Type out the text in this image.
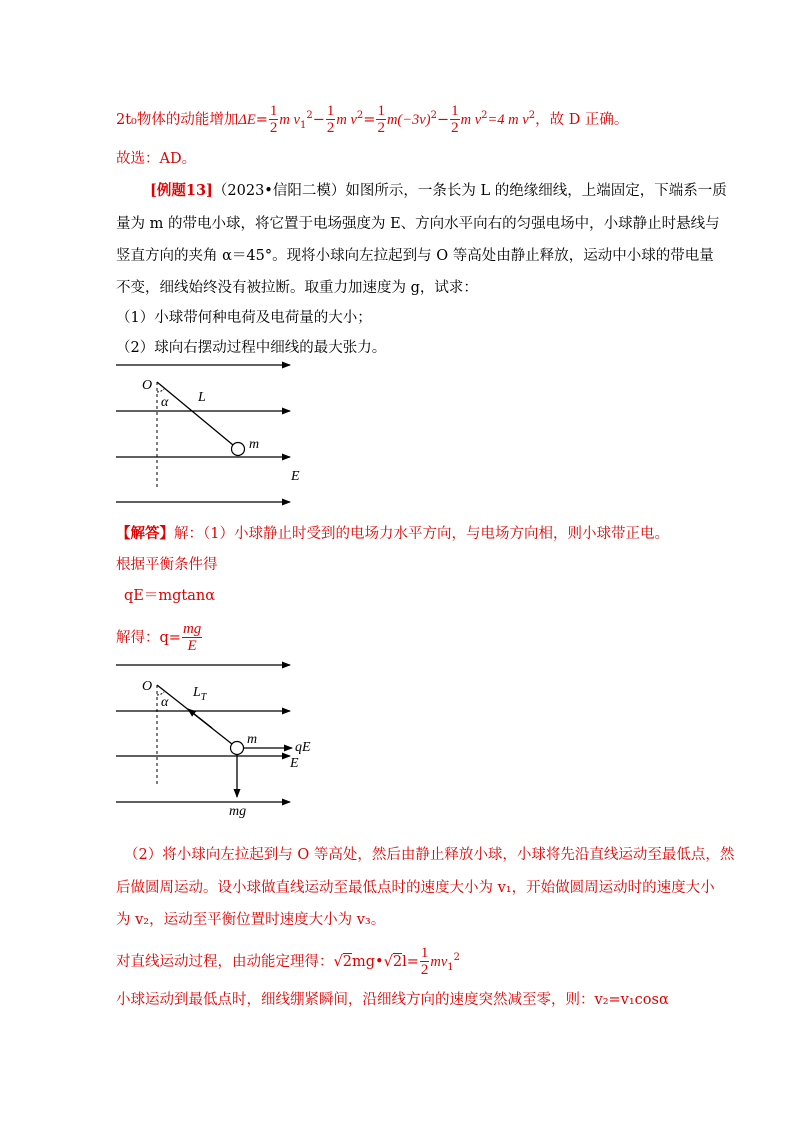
2t₀物体的动能增加$\Delta E= \frac{1}{2}$ m $v_1^2- \frac{1}{2}$ m $v^2= \frac{1}{2} m(-3v)^2- \frac{1}{2}$ m $v^2=4$ m $v^2$，故 D 正确。
故选：AD。
[例题13]（2023•信阳二模）如图所示，一条长为 L 的绝缘细线，上端固定，下端系一质
量为 m 的带电小球，将它置于电场强度为 E、方向水平向右的匀强电场中，小球静止时悬线与
竖直方向的夹角 α＝45°。现将小球向左拉起到与 O 等高处由静止释放，运动中小球的带电量
不变，细线始终没有被拉断。取重力加速度为 g，试求：
（1）小球带何种电荷及电荷量的大小；
（2）球向右摆动过程中细线的最大张力。
O
α L
m
E
【解答】解：（1）小球静止时受到的电场力水平方向，与电场方向相，则小球带正电。
根据平衡条件得
qE＝mgtanα
解得：$q= \frac{mg}{E}$
O
α
$L_T$
m
qE
E
mg
（2）将小球向左拉起到与 O 等高处，然后由静止释放小球，小球将先沿直线运动至最低点，然
后做圆周运动。设小球做直线运动至最低点时的速度大小为 v₁，开始做圆周运动时的速度大小
为 v₂，运动至平衡位置时速度大小为 v₃。
对直线运动过程，由动能定理得：√2mg•√2l= $\frac{1}{2} mv_1^2$
小球运动到最低点时，细线绷紧瞬间，沿细线方向的速度突然减至零，则：v₂=v₁cosα
